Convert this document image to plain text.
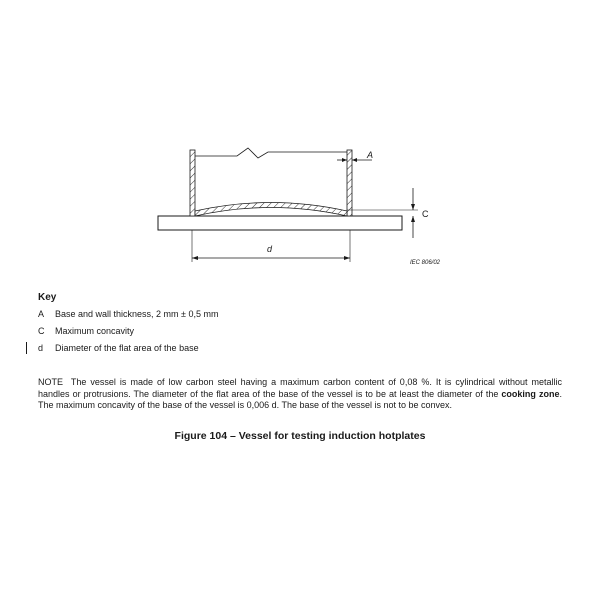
A
C
d
IEC 806/02
Key
A Base and wall thickness, 2 mm ± 0,5 mm
C Maximum concavity
d Diameter of the flat area of the base
NOTE The vessel is made of low carbon steel having a maximum carbon content of 0,08 %. It is cylindrical without metallic handles or protrusions. The diameter of the flat area of the base of the vessel is to be at least the diameter of the cooking zone. The maximum concavity of the base of the vessel is 0,006 d. The base of the vessel is not to be convex.
Figure 104 – Vessel for testing induction hotplates
